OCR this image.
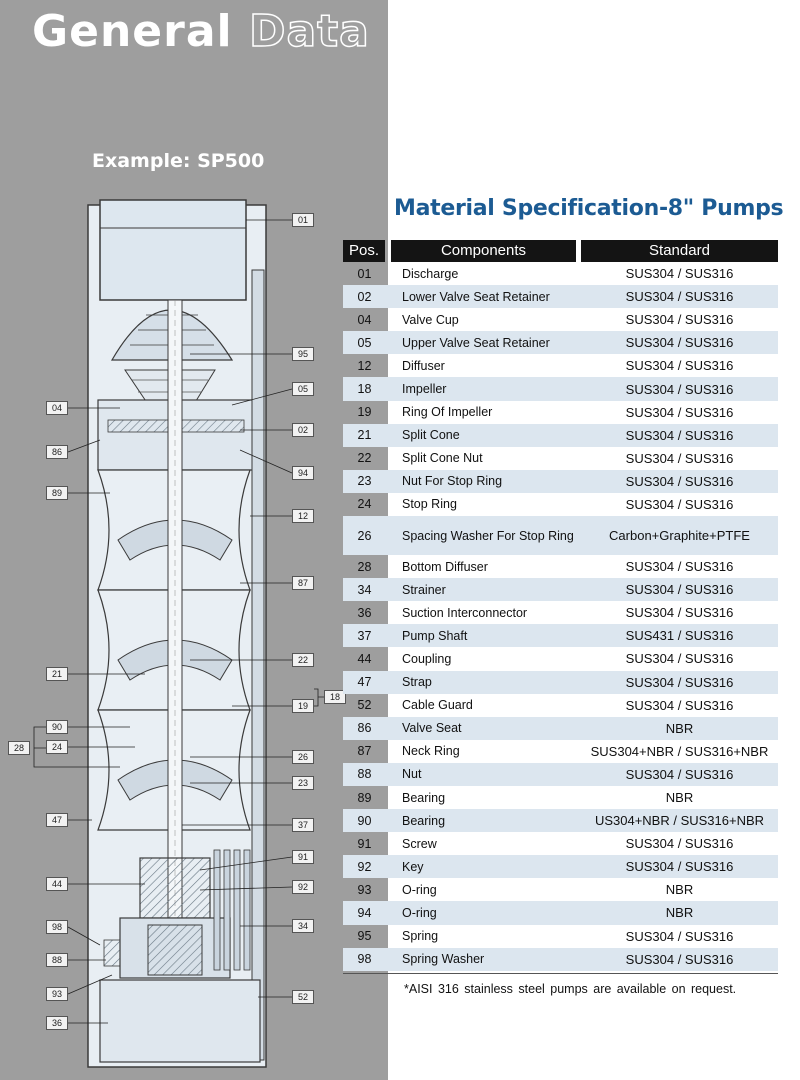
General Data
Example: SP500
04
86
89
21
90
24
28
47
44
98
88
93
36
01
95
05
02
94
12
87
22
18
19
26
23
37
91
92
34
52
Material Specification-8" Pumps
Pos.	Components	Standard
01	Discharge	SUS304 / SUS316
02	Lower Valve Seat Retainer	SUS304 / SUS316
04	Valve Cup	SUS304 / SUS316
05	Upper Valve Seat Retainer	SUS304 / SUS316
12	Diffuser	SUS304 / SUS316
18	Impeller	SUS304 / SUS316
19	Ring Of Impeller	SUS304 / SUS316
21	Split Cone	SUS304 / SUS316
22	Split Cone Nut	SUS304 / SUS316
23	Nut For Stop Ring	SUS304 / SUS316
24	Stop Ring	SUS304 / SUS316
26	Spacing Washer For Stop Ring	Carbon+Graphite+PTFE
28	Bottom Diffuser	SUS304 / SUS316
34	Strainer	SUS304 / SUS316
36	Suction Interconnector	SUS304 / SUS316
37	Pump Shaft	SUS431 / SUS316
44	Coupling	SUS304 / SUS316
47	Strap	SUS304 / SUS316
52	Cable Guard	SUS304 / SUS316
86	Valve Seat	NBR
87	Neck Ring	SUS304+NBR / SUS316+NBR
88	Nut	SUS304 / SUS316
89	Bearing	NBR
90	Bearing	US304+NBR / SUS316+NBR
91	Screw	SUS304 / SUS316
92	Key	SUS304 / SUS316
93	O-ring	NBR
94	O-ring	NBR
95	Spring	SUS304 / SUS316
98	Spring Washer	SUS304 / SUS316
*AISI 316 stainless steel pumps are available on request.
